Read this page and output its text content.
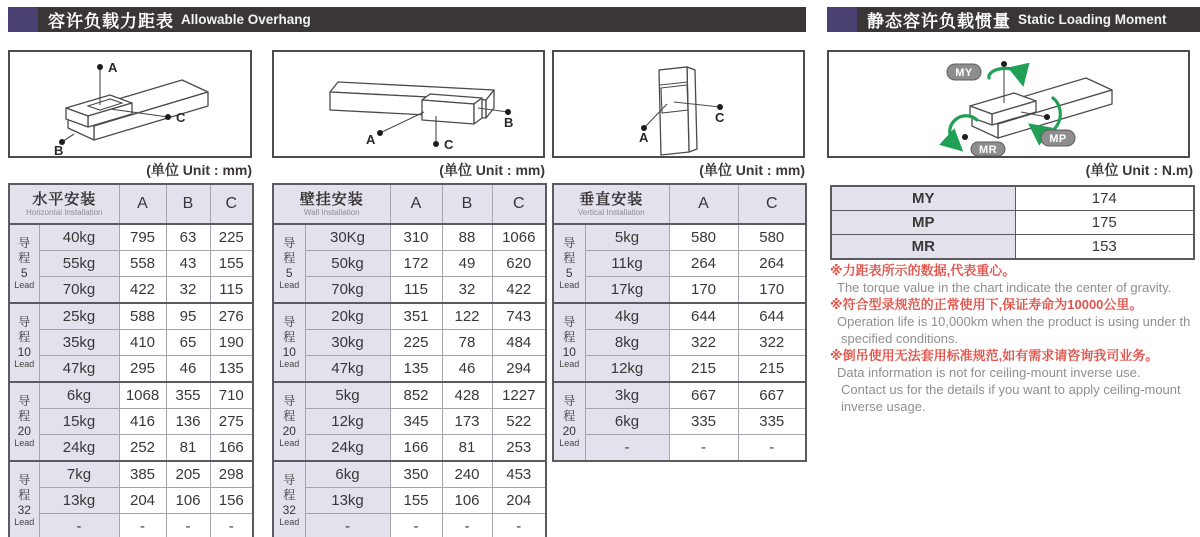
容许负载力距表 Allowable Overhang	静态容许负载惯量 Static Loading Moment
A
B
C
A
B
C	A
C
MY
MP
MR
(单位 Unit : mm)	(单位 Unit : mm)	(单位 Unit : mm)	(单位 Unit : N.m)
水平安装
Horizontal Installation		A	B	C

导
程
5
Lead	40kg	795	63	225
	55kg	558	43	155
	70kg	422	32	115

导
程
10
Lead	25kg	588	95	276
	35kg	410	65	190
	47kg	295	46	135

导
程
20
Lead	6kg	1068	355	710
	15kg	416	136	275
	24kg	252	81	166

导
程
32
Lead	7kg	385	205	298
	13kg	204	106	156
	-	-	-	-
壁挂安装
Wall Installation		A	B	C

导
程
5
Lead	30Kg	310	88	1066
	50kg	172	49	620
	70kg	115	32	422

导
程
10
Lead	20kg	351	122	743
	30kg	225	78	484
	47kg	135	46	294

导
程
20
Lead	5kg	852	428	1227
	12kg	345	173	522
	24kg	166	81	253

导
程
32
Lead	6kg	350	240	453
	13kg	155	106	204
	-	-	-	-
垂直安装
Vertical Installation		A	C

导
程
5
Lead	5kg	580	580
	11kg	264	264
	17kg	170	170

导
程
10
Lead	4kg	644	644
	8kg	322	322
	12kg	215	215

导
程
20
Lead	3kg	667	667
	6kg	335	335
	-	-	-
MY	174
MP	175
MR	153
※力距表所示的数据,代表重心。
The torque value in the chart indicate the center of gravity.
※符合型录规范的正常使用下,保证寿命为10000公里。
Operation life is 10,000km when the product is using under th
specified conditions.
※倒吊使用无法套用标准规范,如有需求请咨询我司业务。
Data information is not for ceiling-mount inverse use.
Contact us for the details if you want to apply ceiling-mount
inverse usage.
